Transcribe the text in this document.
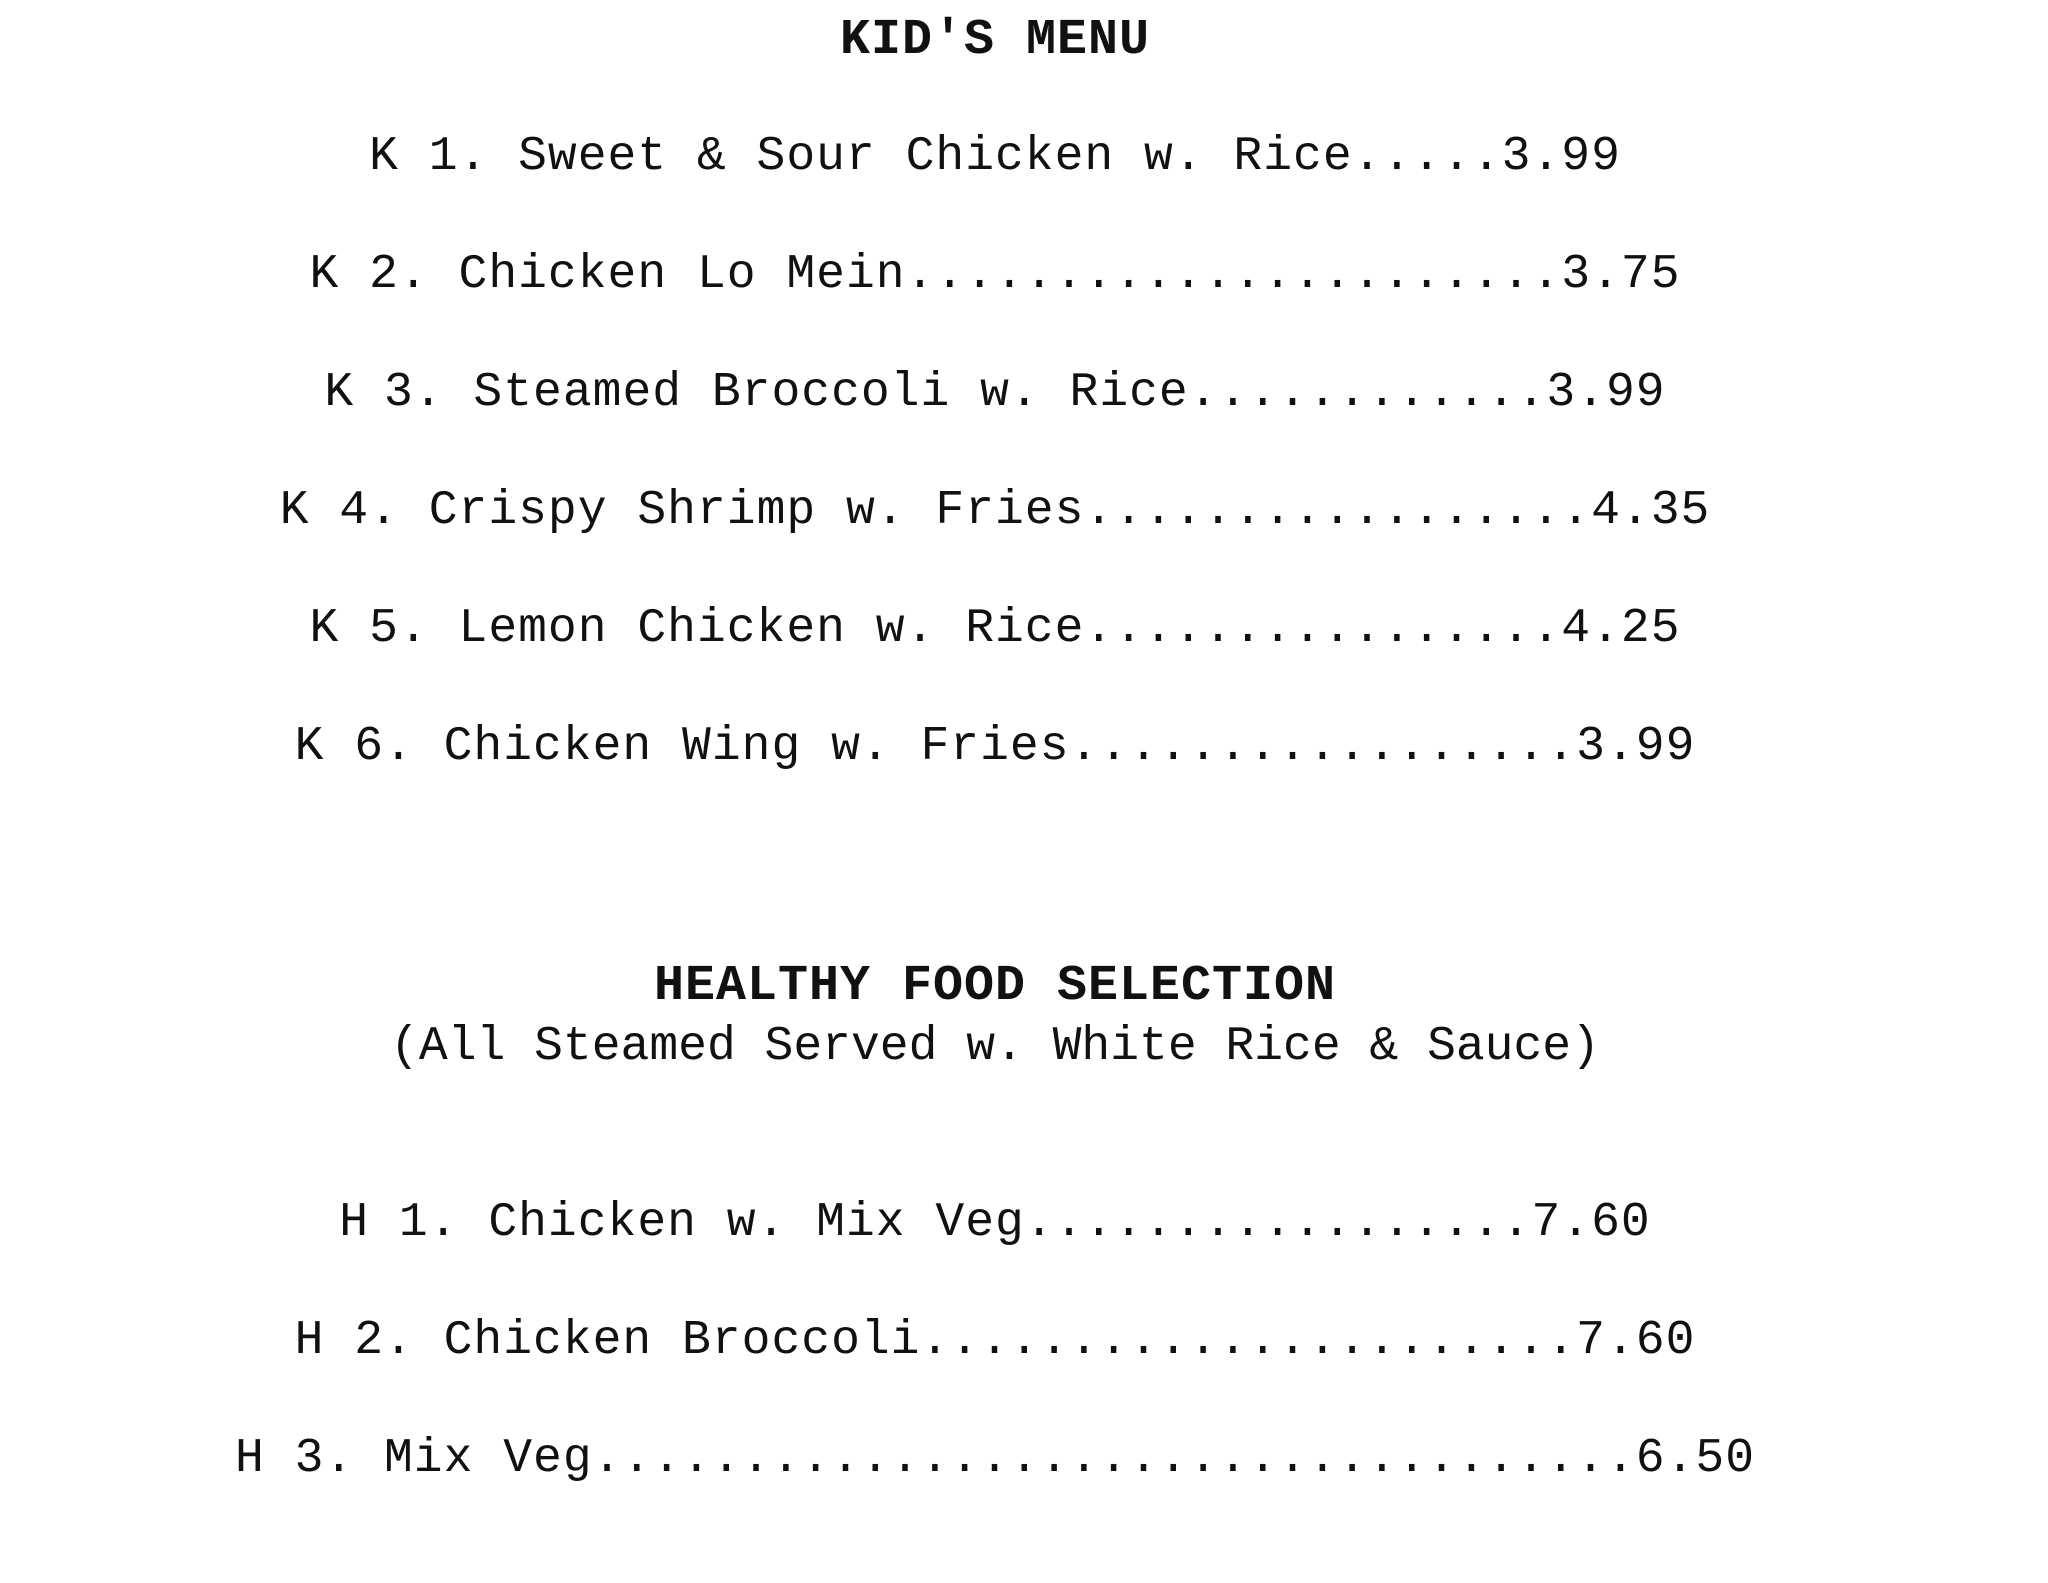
KID'S MENU
K 1. Sweet & Sour Chicken w. Rice.....3.99
K 2. Chicken Lo Mein......................3.75
K 3. Steamed Broccoli w. Rice............3.99
K 4. Crispy Shrimp w. Fries.................4.35
K 5. Lemon Chicken w. Rice................4.25
K 6. Chicken Wing w. Fries.................3.99
HEALTHY FOOD SELECTION
(All Steamed Served w. White Rice & Sauce)
H 1. Chicken w. Mix Veg.................7.60
H 2. Chicken Broccoli......................7.60
H 3. Mix Veg...................................6.50
